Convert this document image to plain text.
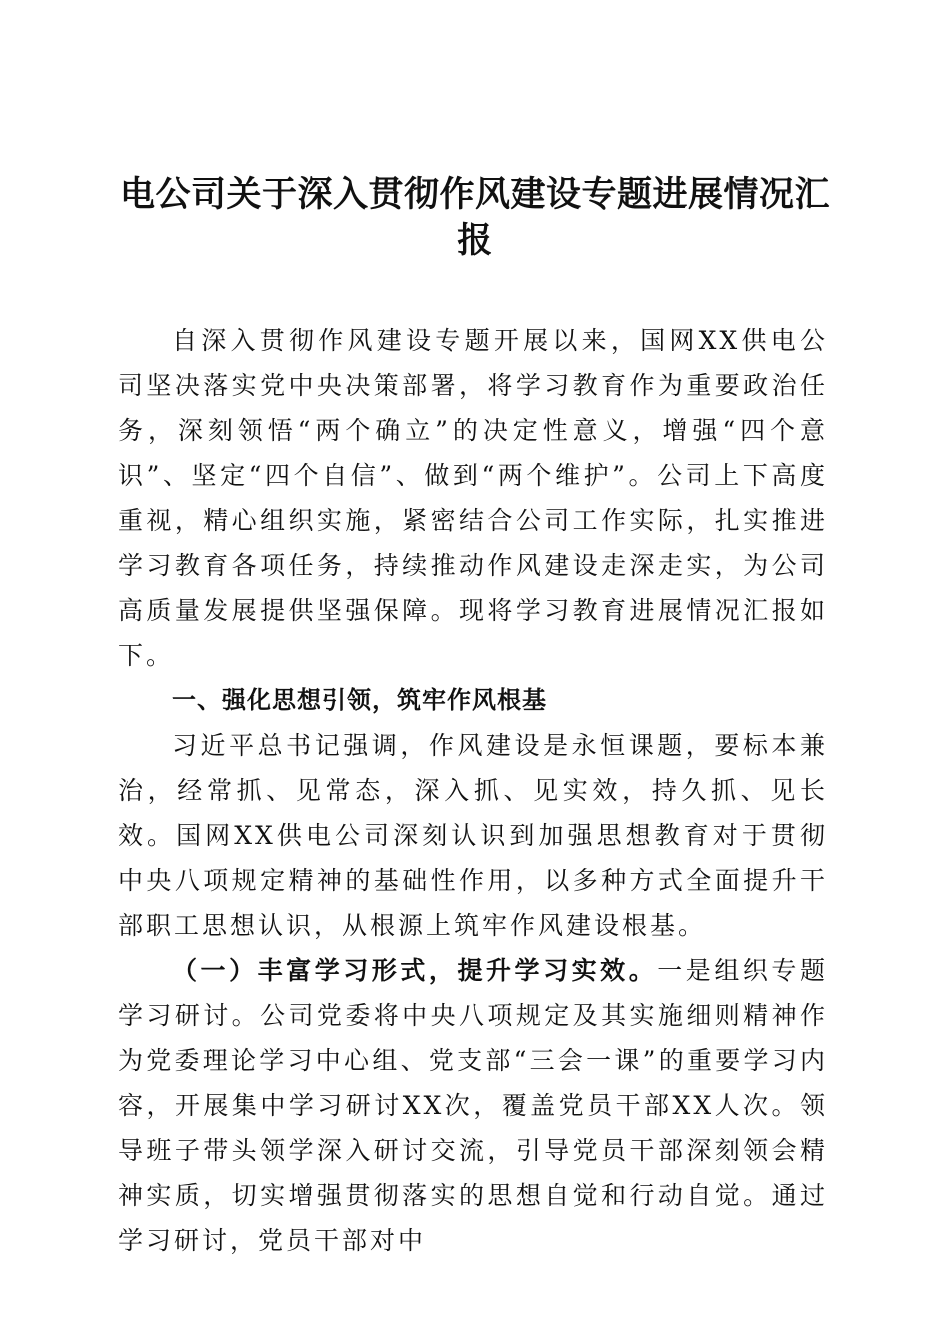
电公司关于深入贯彻作风建设专题进展情况汇报

自深入贯彻作风建设专题开展以来，国网XX供电公司坚决落实党中央决策部署，将学习教育作为重要政治任务，深刻领悟“两个确立”的决定性意义，增强“四个意识”、坚定“四个自信”、做到“两个维护”。公司上下高度重视，精心组织实施，紧密结合公司工作实际，扎实推进学习教育各项任务，持续推动作风建设走深走实，为公司高质量发展提供坚强保障。现将学习教育进展情况汇报如下。

一、强化思想引领，筑牢作风根基

习近平总书记强调，作风建设是永恒课题，要标本兼治，经常抓、见常态，深入抓、见实效，持久抓、见长效。国网XX供电公司深刻认识到加强思想教育对于贯彻中央八项规定精神的基础性作用，以多种方式全面提升干部职工思想认识，从根源上筑牢作风建设根基。

（一）丰富学习形式，提升学习实效。一是组织专题学习研讨。公司党委将中央八项规定及其实施细则精神作为党委理论学习中心组、党支部“三会一课”的重要学习内容，开展集中学习研讨XX次，覆盖党员干部XX人次。领导班子带头领学深入研讨交流，引导党员干部深刻领会精神实质，切实增强贯彻落实的思想自觉和行动自觉。通过学习研讨，党员干部对中
